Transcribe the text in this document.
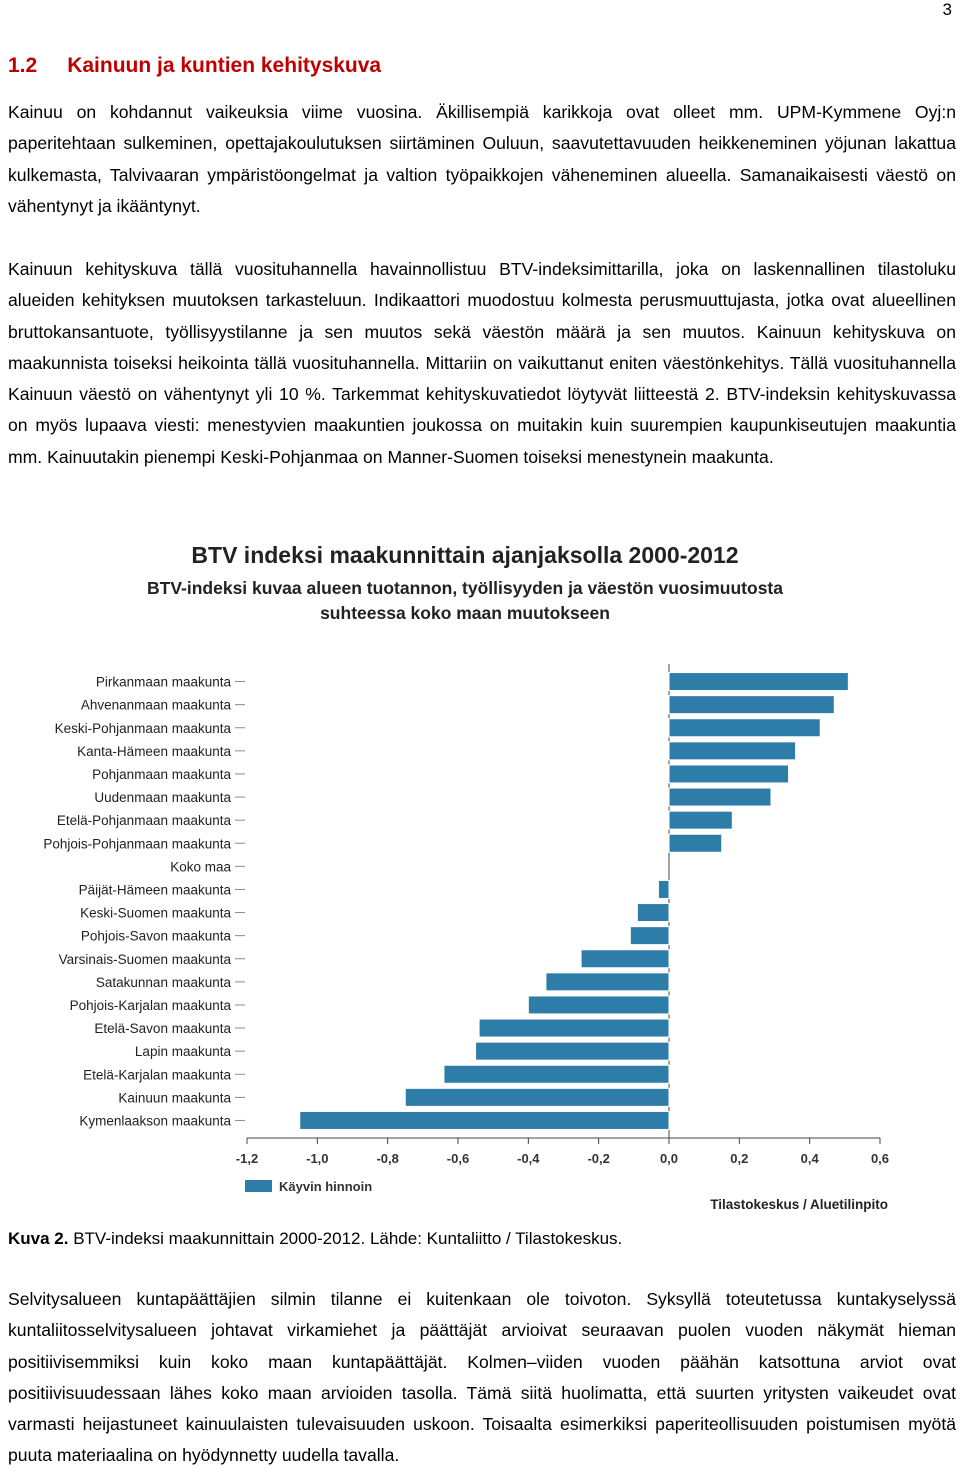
3
1.2 Kainuun ja kuntien kehityskuva

Kainuu on kohdannut vaikeuksia viime vuosina. Äkillisempiä karikkoja ovat olleet mm. UPM-Kymmene Oyj:n paperitehtaan sulkeminen, opettajakoulutuksen siirtäminen Ouluun, saavutettavuuden heikkeneminen yöjunan lakattua kulkemasta, Talvivaaran ympäristöongelmat ja valtion työpaikkojen väheneminen alueella. Samanaikaisesti väestö on vähentynyt ja ikääntynyt.

Kainuun kehityskuva tällä vuosituhannella havainnollistuu BTV-indeksimittarilla, joka on laskennallinen tilastoluku alueiden kehityksen muutoksen tarkasteluun. Indikaattori muodostuu kolmesta perusmuuttujasta, jotka ovat alueellinen bruttokansantuote, työllisyystilanne ja sen muutos sekä väestön määrä ja sen muutos. Kainuun kehityskuva on maakunnista toiseksi heikointa tällä vuosituhannella. Mittariin on vaikuttanut eniten väestönkehitys. Tällä vuosituhannella Kainuun väestö on vähentynyt yli 10 %. Tarkemmat kehityskuvatiedot löytyvät liitteestä 2. BTV-indeksin kehityskuvassa on myös lupaava viesti: menestyvien maakuntien joukossa on muitakin kuin suurempien kaupunkiseutujen maakuntia mm. Kainuutakin pienempi Keski-Pohjanmaa on Manner-Suomen toiseksi menestynein maakunta.

BTV indeksi maakunnittain ajanjaksolla 2000-2012
BTV-indeksi kuvaa alueen tuotannon, työllisyyden ja väestön vuosimuutosta
suhteessa koko maan muutokseen
Pirkanmaan maakunta
Ahvenanmaan maakunta
Keski-Pohjanmaan maakunta
Kanta-Hämeen maakunta
Pohjanmaan maakunta
Uudenmaan maakunta
Etelä-Pohjanmaan maakunta
Pohjois-Pohjanmaan maakunta
Koko maa
Päijät-Hämeen maakunta
Keski-Suomen maakunta
Pohjois-Savon maakunta
Varsinais-Suomen maakunta
Satakunnan maakunta
Pohjois-Karjalan maakunta
Etelä-Savon maakunta
Lapin maakunta
Etelä-Karjalan maakunta
Kainuun maakunta
Kymenlaakson maakunta
-1,2	-1,0	-0,8	-0,6	-0,4	-0,2	0,0	0,2	0,4	0,6
Käyvin hinnoin
Tilastokeskus / Aluetilinpito
Kuva 2. BTV-indeksi maakunnittain 2000-2012. Lähde: Kuntaliitto / Tilastokeskus.

Selvitysalueen kuntapäättäjien silmin tilanne ei kuitenkaan ole toivoton. Syksyllä toteutetussa kuntakyselyssä kuntaliitosselvitysalueen johtavat virkamiehet ja päättäjät arvioivat seuraavan puolen vuoden näkymät hieman positiivisemmiksi kuin koko maan kuntapäättäjät. Kolmen–viiden vuoden päähän katsottuna arviot ovat positiivisuudessaan lähes koko maan arvioiden tasolla. Tämä siitä huolimatta, että suurten yritysten vaikeudet ovat varmasti heijastuneet kainuulaisten tulevaisuuden uskoon. Toisaalta esimerkiksi paperiteollisuuden poistumisen myötä puuta materiaalina on hyödynnetty uudella tavalla.
